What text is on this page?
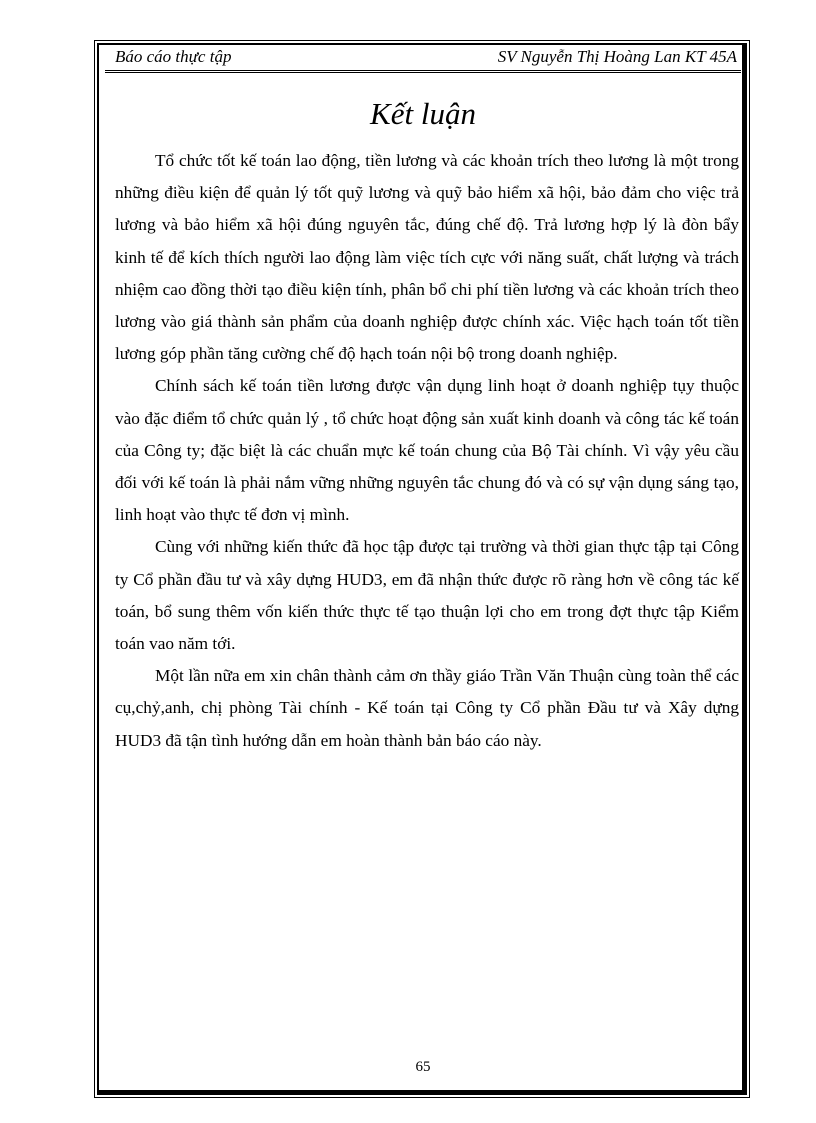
Báo cáo thực tập	SV Nguyễn Thị Hoàng Lan KT 45A
Kết luận

Tổ chức tốt kế toán lao động, tiền lương và các khoản trích theo lương là một trong những điều kiện để quản lý tốt quỹ lương và quỹ bảo hiểm xã hội, bảo đảm cho việc trả lương và bảo hiểm xã hội đúng nguyên tắc, đúng chế độ. Trả lương hợp lý là đòn bẩy kinh tế để kích thích người lao động làm việc tích cực với năng suất, chất lượng và trách nhiệm cao đồng thời tạo điều kiện tính, phân bổ chi phí tiền lương và các khoản trích theo lương vào giá thành sản phẩm của doanh nghiệp được chính xác. Việc hạch toán tốt tiền lương góp phần tăng cường chế độ hạch toán nội bộ trong doanh nghiệp.

Chính sách kế toán tiền lương được vận dụng linh hoạt ở doanh nghiệp tụy thuộc vào đặc điểm tổ chức quản lý , tổ chức hoạt động sản xuất kinh doanh và công tác kế toán của Công ty; đặc biệt là các chuẩn mực kế toán chung của Bộ Tài chính. Vì vậy yêu cầu đối với kế toán là phải nắm vững những nguyên tắc chung đó và có sự vận dụng sáng tạo, linh hoạt vào thực tế đơn vị mình.

Cùng với những kiến thức đã học tập được tại trường và thời gian thực tập tại Công ty Cổ phần đầu tư và xây dựng HUD3, em đã nhận thức được rõ ràng hơn về công tác kế toán, bổ sung thêm vốn kiến thức thực tế tạo thuận lợi cho em trong đợt thực tập Kiểm toán vao năm tới.

Một lần nữa em xin chân thành cảm ơn thầy giáo Trần Văn Thuận cùng toàn thể các cụ,chỷ,anh, chị phòng Tài chính - Kế toán tại Công ty Cổ phần Đầu tư và Xây dựng HUD3 đã tận tình hướng dẫn em hoàn thành bản báo cáo này.

65
